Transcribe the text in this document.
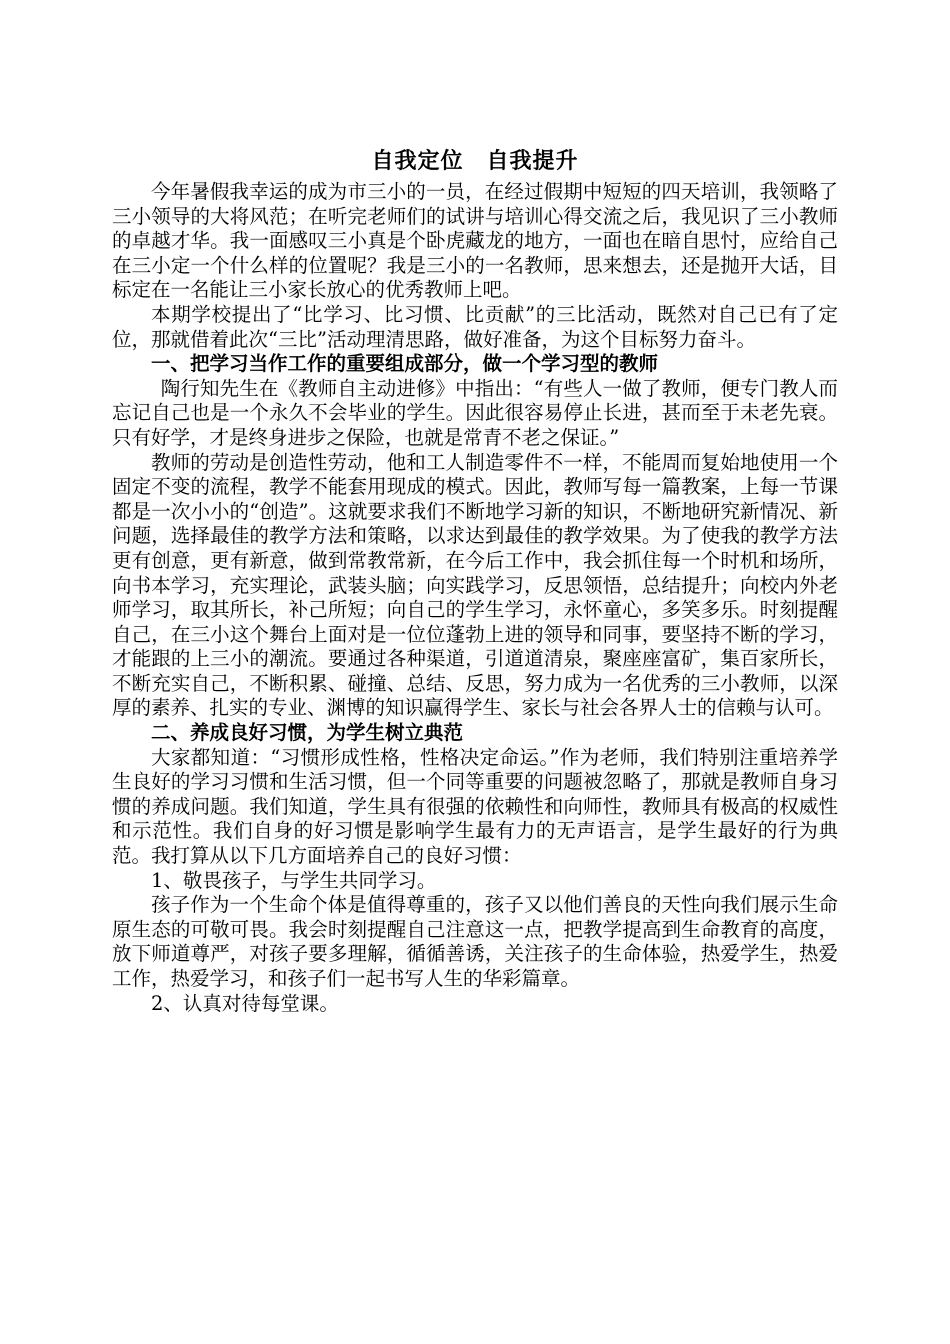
自我定位　自我提升

今年暑假我幸运的成为市三小的一员，在经过假期中短短的四天培训，我领略了三小领导的大将风范；在听完老师们的试讲与培训心得交流之后，我见识了三小教师的卓越才华。我一面感叹三小真是个卧虎藏龙的地方，一面也在暗自思忖，应给自己在三小定一个什么样的位置呢？我是三小的一名教师，思来想去，还是抛开大话，目标定在一名能让三小家长放心的优秀教师上吧。

本期学校提出了“比学习、比习惯、比贡献”的三比活动，既然对自己已有了定位，那就借着此次“三比”活动理清思路，做好准备，为这个目标努力奋斗。

一、把学习当作工作的重要组成部分，做一个学习型的教师

陶行知先生在《教师自主动进修》中指出：“有些人一做了教师，便专门教人而忘记自己也是一个永久不会毕业的学生。因此很容易停止长进，甚而至于未老先衰。只有好学，才是终身进步之保险，也就是常青不老之保证。”

教师的劳动是创造性劳动，他和工人制造零件不一样，不能周而复始地使用一个固定不变的流程，教学不能套用现成的模式。因此，教师写每一篇教案，上每一节课都是一次小小的“创造”。这就要求我们不断地学习新的知识，不断地研究新情况、新问题，选择最佳的教学方法和策略，以求达到最佳的教学效果。为了使我的教学方法更有创意，更有新意，做到常教常新，在今后工作中，我会抓住每一个时机和场所，向书本学习，充实理论，武装头脑；向实践学习，反思领悟，总结提升；向校内外老师学习，取其所长，补己所短；向自己的学生学习，永怀童心，多笑多乐。时刻提醒自己，在三小这个舞台上面对是一位位蓬勃上进的领导和同事，要坚持不断的学习，才能跟的上三小的潮流。要通过各种渠道，引道道清泉，聚座座富矿，集百家所长，不断充实自己，不断积累、碰撞、总结、反思，努力成为一名优秀的三小教师，以深厚的素养、扎实的专业、渊博的知识赢得学生、家长与社会各界人士的信赖与认可。

二、养成良好习惯，为学生树立典范

大家都知道：“习惯形成性格，性格决定命运。”作为老师，我们特别注重培养学生良好的学习习惯和生活习惯，但一个同等重要的问题被忽略了，那就是教师自身习惯的养成问题。我们知道，学生具有很强的依赖性和向师性，教师具有极高的权威性和示范性。我们自身的好习惯是影响学生最有力的无声语言，是学生最好的行为典范。我打算从以下几方面培养自己的良好习惯：

1、敬畏孩子，与学生共同学习。

孩子作为一个生命个体是值得尊重的，孩子又以他们善良的天性向我们展示生命原生态的可敬可畏。我会时刻提醒自己注意这一点，把教学提高到生命教育的高度，放下师道尊严，对孩子要多理解，循循善诱，关注孩子的生命体验，热爱学生，热爱工作，热爱学习，和孩子们一起书写人生的华彩篇章。

2、认真对待每堂课。
